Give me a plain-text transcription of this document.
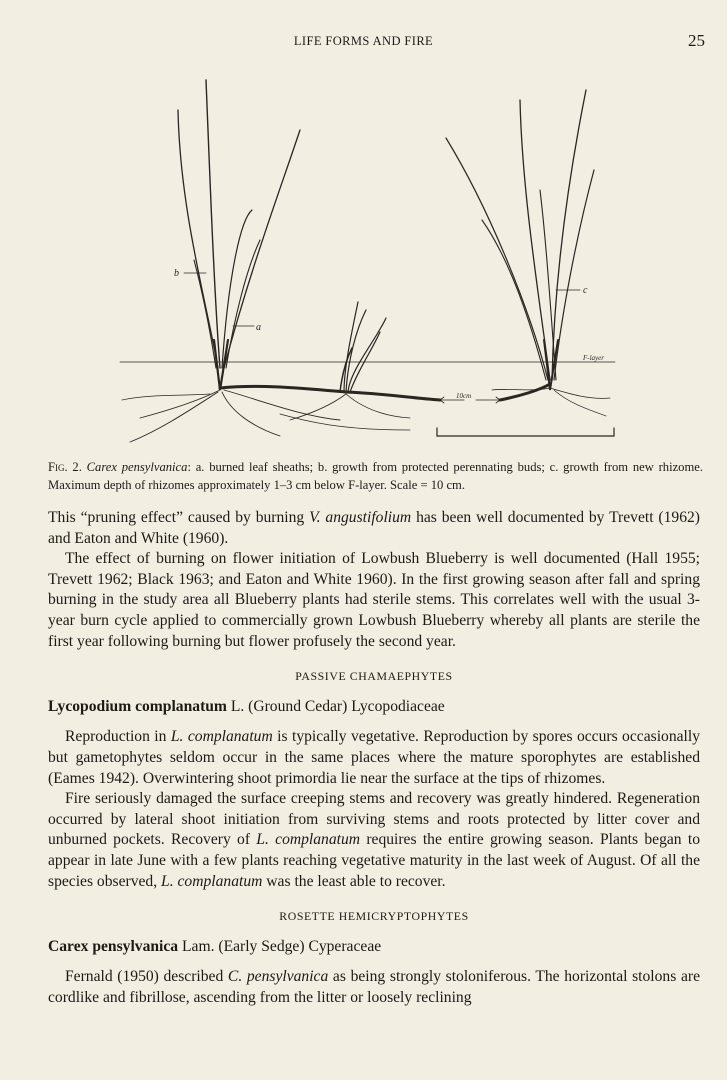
LIFE FORMS AND FIRE	25
b
a
c
F-layer
10cm
Fig. 2. Carex pensylvanica: a. burned leaf sheaths; b. growth from protected perennating buds; c. growth from new rhizome. Maximum depth of rhizomes approximately 1–3 cm below F-layer. Scale = 10 cm.

This “pruning effect” caused by burning V. angustifolium has been well documented by Trevett (1962) and Eaton and White (1960).

The effect of burning on flower initiation of Lowbush Blueberry is well documented (Hall 1955; Trevett 1962; Black 1963; and Eaton and White 1960). In the first growing season after fall and spring burning in the study area all Blueberry plants had sterile stems. This correlates well with the usual 3-year burn cycle applied to commercially grown Lowbush Blueberry whereby all plants are sterile the first year following burning but flower profusely the second year.

PASSIVE CHAMAEPHYTES
Lycopodium complanatum L. (Ground Cedar) Lycopodiaceae

Reproduction in L. complanatum is typically vegetative. Reproduction by spores occurs occasionally but gametophytes seldom occur in the same places where the mature sporophytes are established (Eames 1942). Overwintering shoot primordia lie near the surface at the tips of rhizomes.

Fire seriously damaged the surface creeping stems and recovery was greatly hindered. Regeneration occurred by lateral shoot initiation from surviving stems and roots protected by litter cover and unburned pockets. Recovery of L. complanatum requires the entire growing season. Plants began to appear in late June with a few plants reaching vegetative maturity in the last week of August. Of all the species observed, L. complanatum was the least able to recover.

ROSETTE HEMICRYPTOPHYTES
Carex pensylvanica Lam. (Early Sedge) Cyperaceae

Fernald (1950) described C. pensylvanica as being strongly stoloniferous. The horizontal stolons are cordlike and fibrillose, ascending from the litter or loosely reclining
